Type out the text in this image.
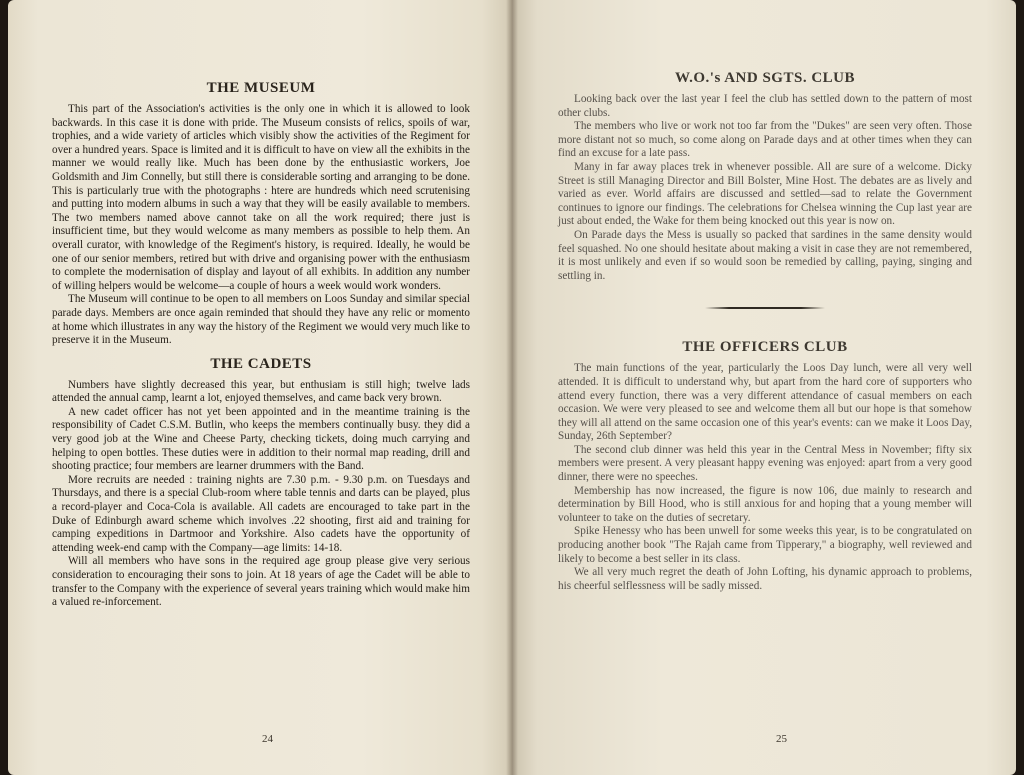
THE MUSEUM

This part of the Association's activities is the only one in which it is allowed to look backwards. In this case it is done with pride. The Museum consists of relics, spoils of war, trophies, and a wide variety of articles which visibly show the activities of the Regiment for over a hundred years. Space is limited and it is difficult to have on view all the exhibits in the manner we would really like. Much has been done by the enthusiastic workers, Joe Goldsmith and Jim Connelly, but still there is considerable sorting and arranging to be done. This is particularly true with the photographs : htere are hundreds which need scrutenising and putting into modern albums in such a way that they will be easily available to members. The two members named above cannot take on all the work required; there just is insufficient time, but they would welcome as many members as possible to help them. An overall curator, with knowledge of the Regiment's history, is required. Ideally, he would be one of our senior members, retired but with drive and organising power with the enthusiasm to complete the modernisation of display and layout of all exhibits. In addition any number of willing helpers would be welcome—a couple of hours a week would work wonders.

The Museum will continue to be open to all members on Loos Sunday and similar special parade days. Members are once again reminded that should they have any relic or momento at home which illustrates in any way the history of the Regiment we would very much like to preserve it in the Museum.

THE CADETS

Numbers have slightly decreased this year, but enthusiam is still high; twelve lads attended the annual camp, learnt a lot, enjoyed themselves, and came back very brown.

A new cadet officer has not yet been appointed and in the meantime training is the responsibility of Cadet C.S.M. Butlin, who keeps the members continually busy. they did a very good job at the Wine and Cheese Party, checking tickets, doing much carrying and helping to open bottles. These duties were in addition to their normal map reading, drill and shooting practice; four members are learner drummers with the Band.

More recruits are needed : training nights are 7.30 p.m. - 9.30 p.m. on Tuesdays and Thursdays, and there is a special Club-room where table tennis and darts can be played, plus a record-player and Coca-Cola is available. All cadets are encouraged to take part in the Duke of Edinburgh award scheme which involves .22 shooting, first aid and training for camping expeditions in Dartmoor and Yorkshire. Also cadets have the opportunity of attending week-end camp with the Company—age limits: 14-18.

Will all members who have sons in the required age group please give very serious consideration to encouraging their sons to join. At 18 years of age the Cadet will be able to transfer to the Company with the experience of several years training which would make him a valued re-inforcement.

24
W.O.'s AND SGTS. CLUB

Looking back over the last year I feel the club has settled down to the pattern of most other clubs.

The members who live or work not too far from the "Dukes" are seen very often. Those more distant not so much, so come along on Parade days and at other times when they can find an excuse for a late pass.

Many in far away places trek in whenever possible. All are sure of a welcome. Dicky Street is still Managing Director and Bill Bolster, Mine Host. The debates are as lively and varied as ever. World affairs are discussed and settled—sad to relate the Government continues to ignore our findings. The celebrations for Chelsea winning the Cup last year are just about ended, the Wake for them being knocked out this year is now on.

On Parade days the Mess is usually so packed that sardines in the same density would feel squashed. No one should hesitate about making a visit in case they are not remembered, it is most unlikely and even if so would soon be remedied by calling, paying, singing and settling in.

THE OFFICERS CLUB

The main functions of the year, particularly the Loos Day lunch, were all very well attended. It is difficult to understand why, but apart from the hard core of supporters who attend every function, there was a very different attendance of casual members on each occasion. We were very pleased to see and welcome them all but our hope is that somehow they will all attend on the same occasion one of this year's events: can we make it Loos Day, Sunday, 26th September?

The second club dinner was held this year in the Central Mess in November; fifty six members were present. A very pleasant happy evening was enjoyed: apart from a very good dinner, there were no speeches.

Membership has now increased, the figure is now 106, due mainly to research and determination by Bill Hood, who is still anxious for and hoping that a young member will volunteer to take on the duties of secretary.

Spike Henessy who has been unwell for some weeks this year, is to be congratulated on producing another book "The Rajah came from Tipperary," a biography, well reviewed and likely to become a best seller in its class.

We all very much regret the death of John Lofting, his dynamic approach to problems, his cheerful selflessness will be sadly missed.

25
